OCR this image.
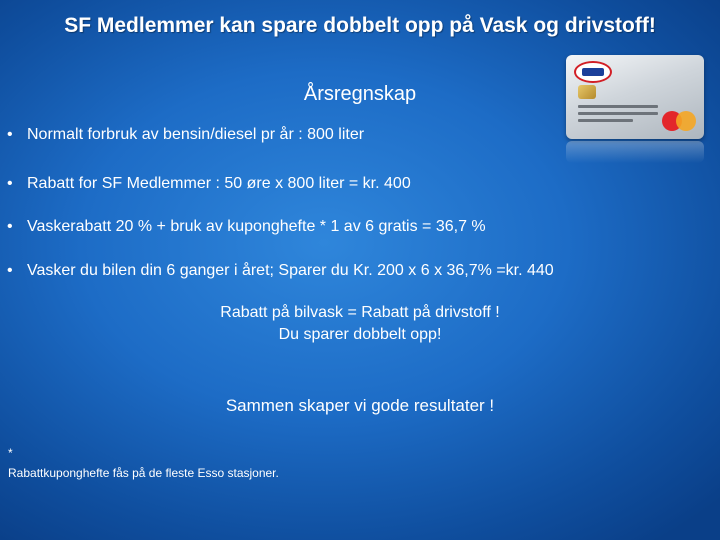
SF Medlemmer kan spare dobbelt opp på Vask og drivstoff!
Årsregnskap
• Normalt forbruk av bensin/diesel pr år : 800 liter
• Rabatt for SF Medlemmer : 50 øre x 800 liter = kr. 400
• Vaskerabatt 20 % + bruk av kuponghefte * 1 av 6 gratis = 36,7 %
• Vasker du bilen din 6 ganger i året; Sparer du Kr. 200 x 6 x 36,7% =kr. 440
Rabatt på bilvask = Rabatt på drivstoff !
Du sparer dobbelt opp!
Sammen skaper vi gode resultater !
*
Rabattkuponghefte fås på de fleste Esso stasjoner.
